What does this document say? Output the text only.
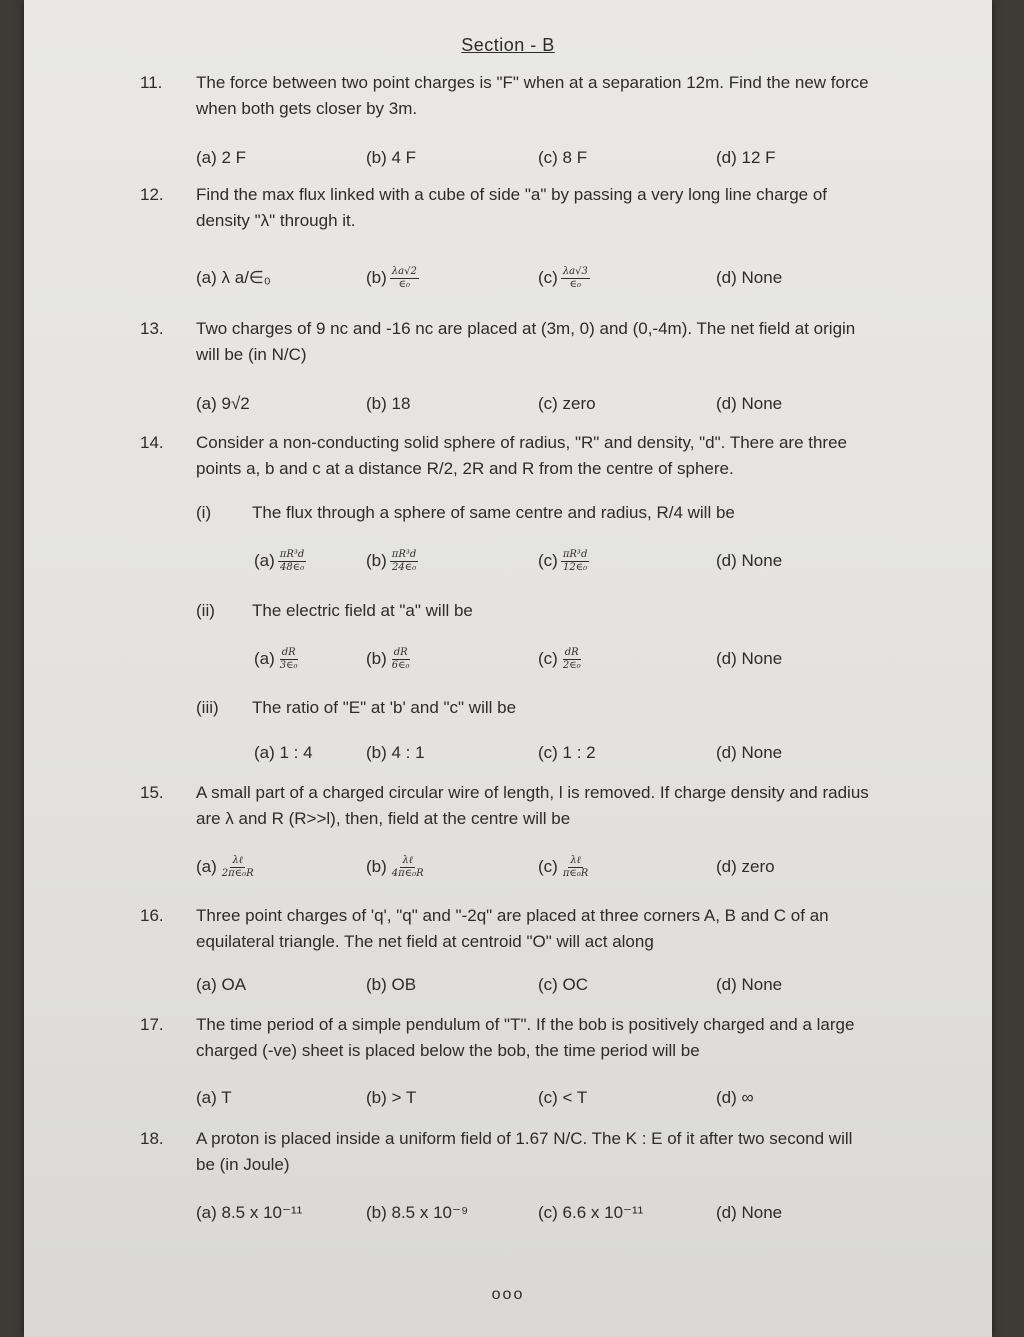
Section - B
11. The force between two point charges is "F" when at a separation 12m. Find the new force when both gets closer by 3m.
(a) 2 F	(b) 4 F	(c) 8 F	(d) 12 F
12. Find the max flux linked with a cube of side "a" by passing a very long line charge of density "λ" through it.
(a) λ a/∈₀	$(b) \frac{\lambda a√2}{\text{∈₀}}$	$(c) \frac{\lambda a√3}{\text{∈₀}}$	(d) None
13. Two charges of 9 nc and -16 nc are placed at (3m, 0) and (0,-4m). The net field at origin will be (in N/C)
(a) 9√2	(b) 18	(c) zero	(d) None
14. Consider a non-conducting solid sphere of radius, "R" and density, "d". There are three points a, b and c at a distance R/2, 2R and R from the centre of sphere.
(i) The flux through a sphere of same centre and radius, R/4 will be
$(a) \frac{\text{πR³d}}{\text{48∈₀}}$	$(b) \frac{\text{πR³d}}{\text{24∈₀}}$	$(c) \frac{\text{πR³d}}{\text{12∈₀}}$	(d) None
(ii) The electric field at "a" will be
$(a) \frac{dR}{\text{3∈₀}}$	$(b) \frac{dR}{\text{6∈₀}}$	$(c) \frac{dR}{\text{2∈₀}}$	(d) None
(iii) The ratio of "E" at 'b' and "c" will be
(a) 1 : 4	(b) 4 : 1	(c) 1 : 2	(d) None
15. A small part of a charged circular wire of length, l is removed. If charge density and radius are λ and R (R>>l), then, field at the centre will be
$(a) \frac{\text{λℓ}}{\text{2π∈₀R}}$	$(b) \frac{\text{λℓ}}{\text{4π∈₀R}}$	$(c) \frac{\text{λℓ}}{\text{π∈₀R}}$	(d) zero
16. Three point charges of 'q', "q" and "-2q" are placed at three corners A, B and C of an equilateral triangle. The net field at centroid "O" will act along
(a) OA	(b) OB	(c) OC	(d) None
17. The time period of a simple pendulum of "T". If the bob is positively charged and a large charged (-ve) sheet is placed below the bob, the time period will be
(a) T	(b) > T	(c) < T	(d) ∞
18. A proton is placed inside a uniform field of 1.67 N/C. The K : E of it after two second will be (in Joule)
(a) 8.5 x 10⁻¹¹	(b) 8.5 x 10⁻⁹	(c) 6.6 x 10⁻¹¹	(d) None
ooo
